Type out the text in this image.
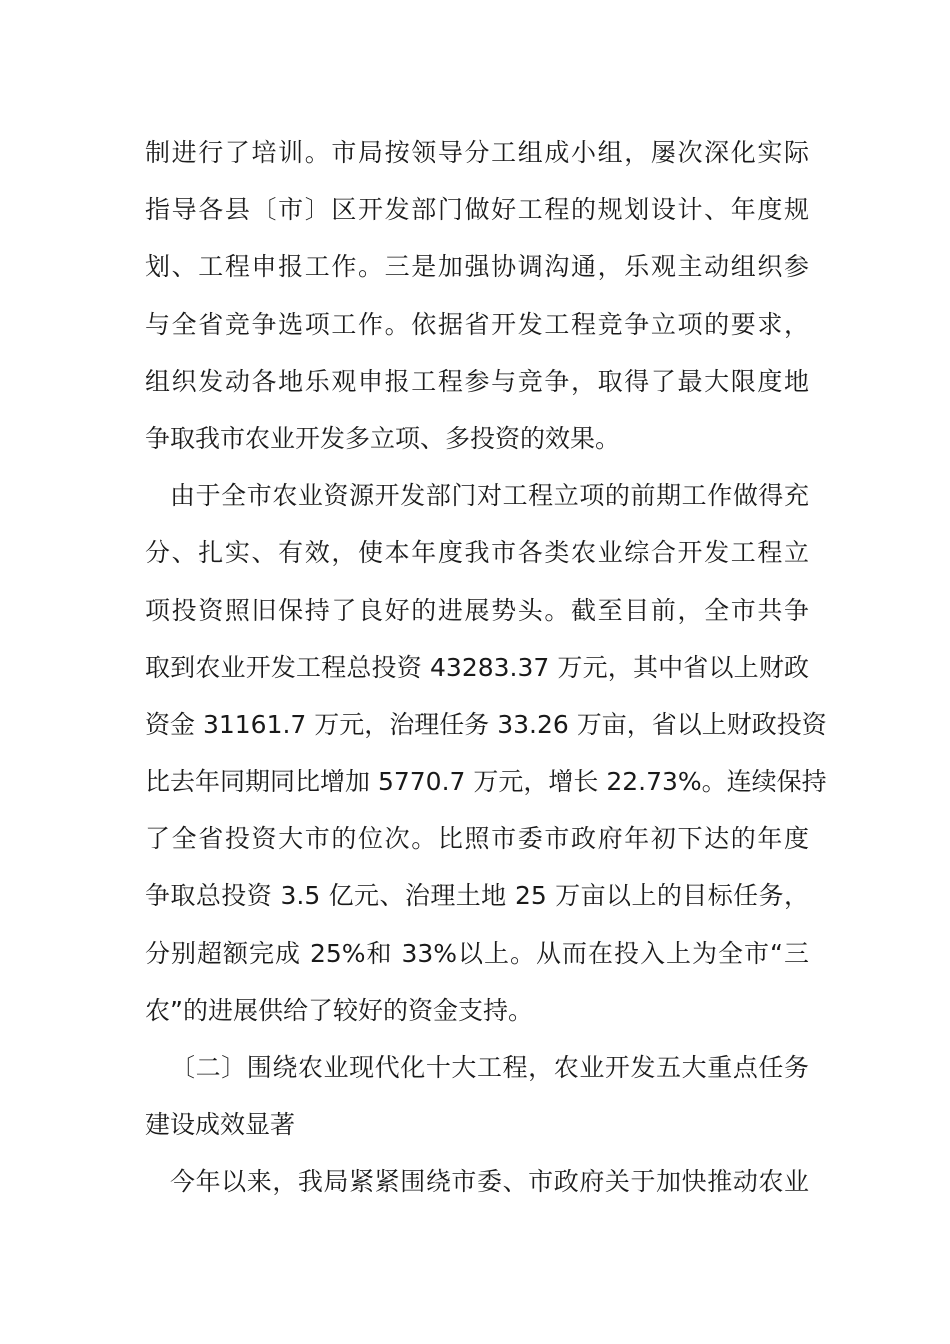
制进行了培训。市局按领导分工组成小组，屡次深化实际
指导各县〔市〕区开发部门做好工程的规划设计、年度规
划、工程申报工作。三是加强协调沟通，乐观主动组织参
与全省竞争选项工作。依据省开发工程竞争立项的要求，
组织发动各地乐观申报工程参与竞争，取得了最大限度地
争取我市农业开发多立项、多投资的效果。
由于全市农业资源开发部门对工程立项的前期工作做得充
分、扎实、有效，使本年度我市各类农业综合开发工程立
项投资照旧保持了良好的进展势头。截至目前，全市共争
取到农业开发工程总投资 43283.37 万元，其中省以上财政
资金 31161.7 万元，治理任务 33.26 万亩，省以上财政投资
比去年同期同比增加 5770.7 万元，增长 22.73%。连续保持
了全省投资大市的位次。比照市委市政府年初下达的年度
争取总投资 3.5 亿元、治理土地 25 万亩以上的目标任务，
分别超额完成 25%和 33%以上。从而在投入上为全市“三
农”的进展供给了较好的资金支持。
〔二〕围绕农业现代化十大工程，农业开发五大重点任务
建设成效显著
今年以来，我局紧紧围绕市委、市政府关于加快推动农业
